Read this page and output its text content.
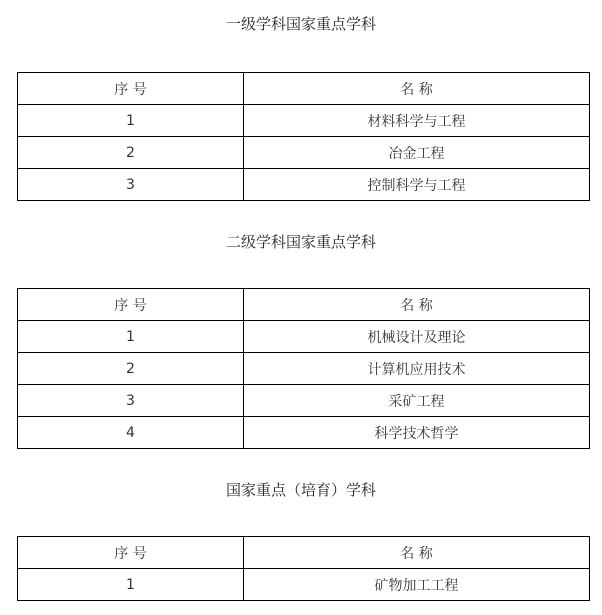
一级学科国家重点学科
序 号	名 称
1	材料科学与工程
2	冶金工程
3	控制科学与工程
二级学科国家重点学科
序 号	名 称
1	机械设计及理论
2	计算机应用技术
3	采矿工程
4	科学技术哲学
国家重点（培育）学科
序 号	名 称
1	矿物加工工程
